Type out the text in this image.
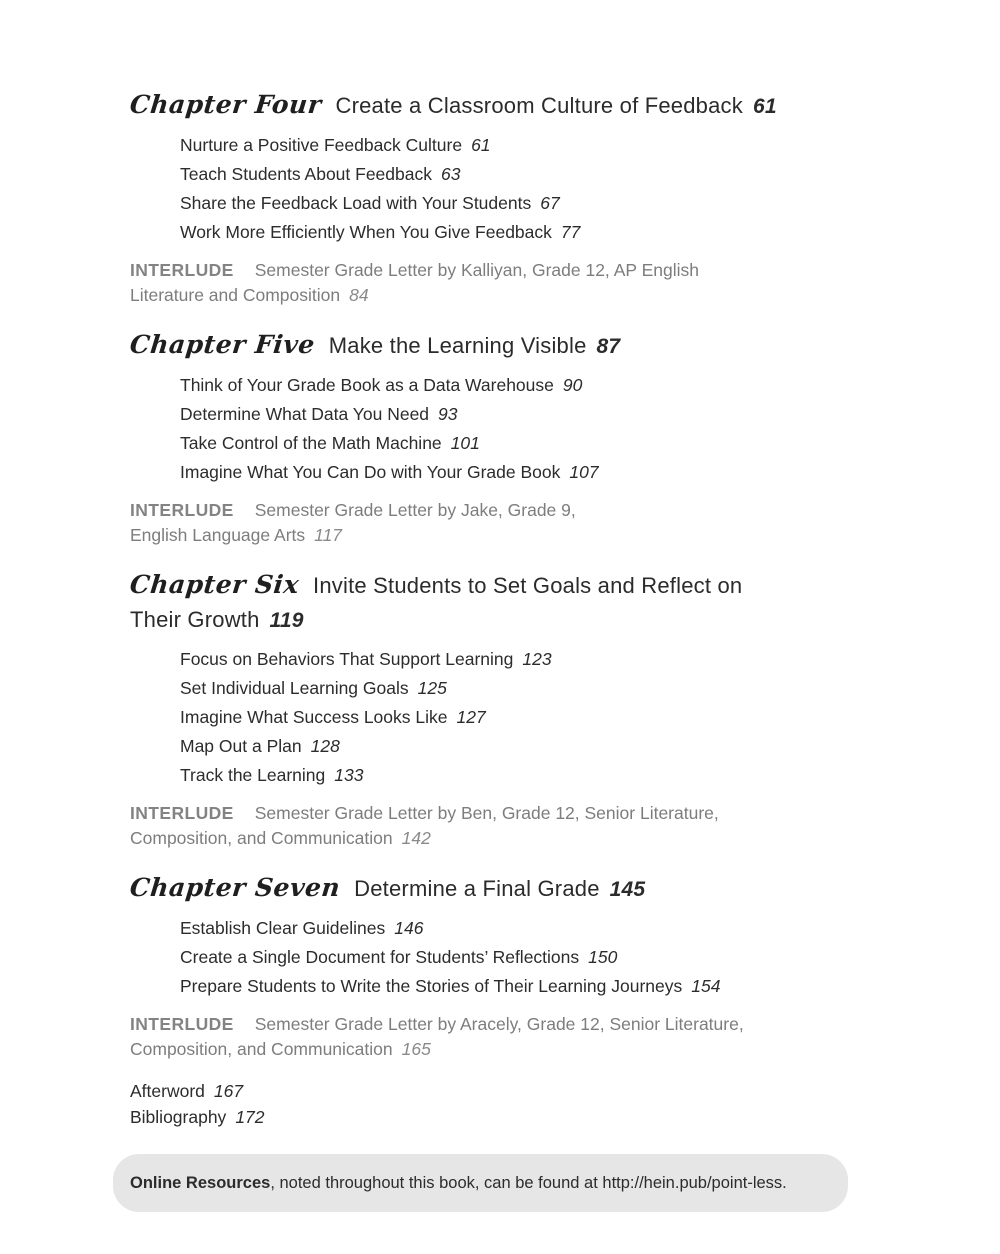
Chapter Four Create a Classroom Culture of Feedback 61
Nurture a Positive Feedback Culture 61
Teach Students About Feedback 63
Share the Feedback Load with Your Students 67
Work More Efficiently When You Give Feedback 77
INTERLUDE Semester Grade Letter by Kalliyan, Grade 12, AP English
Literature and Composition 84
Chapter Five Make the Learning Visible 87
Think of Your Grade Book as a Data Warehouse 90
Determine What Data You Need 93
Take Control of the Math Machine 101
Imagine What You Can Do with Your Grade Book 107
INTERLUDE Semester Grade Letter by Jake, Grade 9,
English Language Arts 117
Chapter Six Invite Students to Set Goals and Reflect on
Their Growth 119
Focus on Behaviors That Support Learning 123
Set Individual Learning Goals 125
Imagine What Success Looks Like 127
Map Out a Plan 128
Track the Learning 133
INTERLUDE Semester Grade Letter by Ben, Grade 12, Senior Literature,
Composition, and Communication 142
Chapter Seven Determine a Final Grade 145
Establish Clear Guidelines 146
Create a Single Document for Students’ Reflections 150
Prepare Students to Write the Stories of Their Learning Journeys 154
INTERLUDE Semester Grade Letter by Aracely, Grade 12, Senior Literature,
Composition, and Communication 165
Afterword 167
Bibliography 172
Online Resources, noted throughout this book, can be found at http://hein.pub/point-less.
